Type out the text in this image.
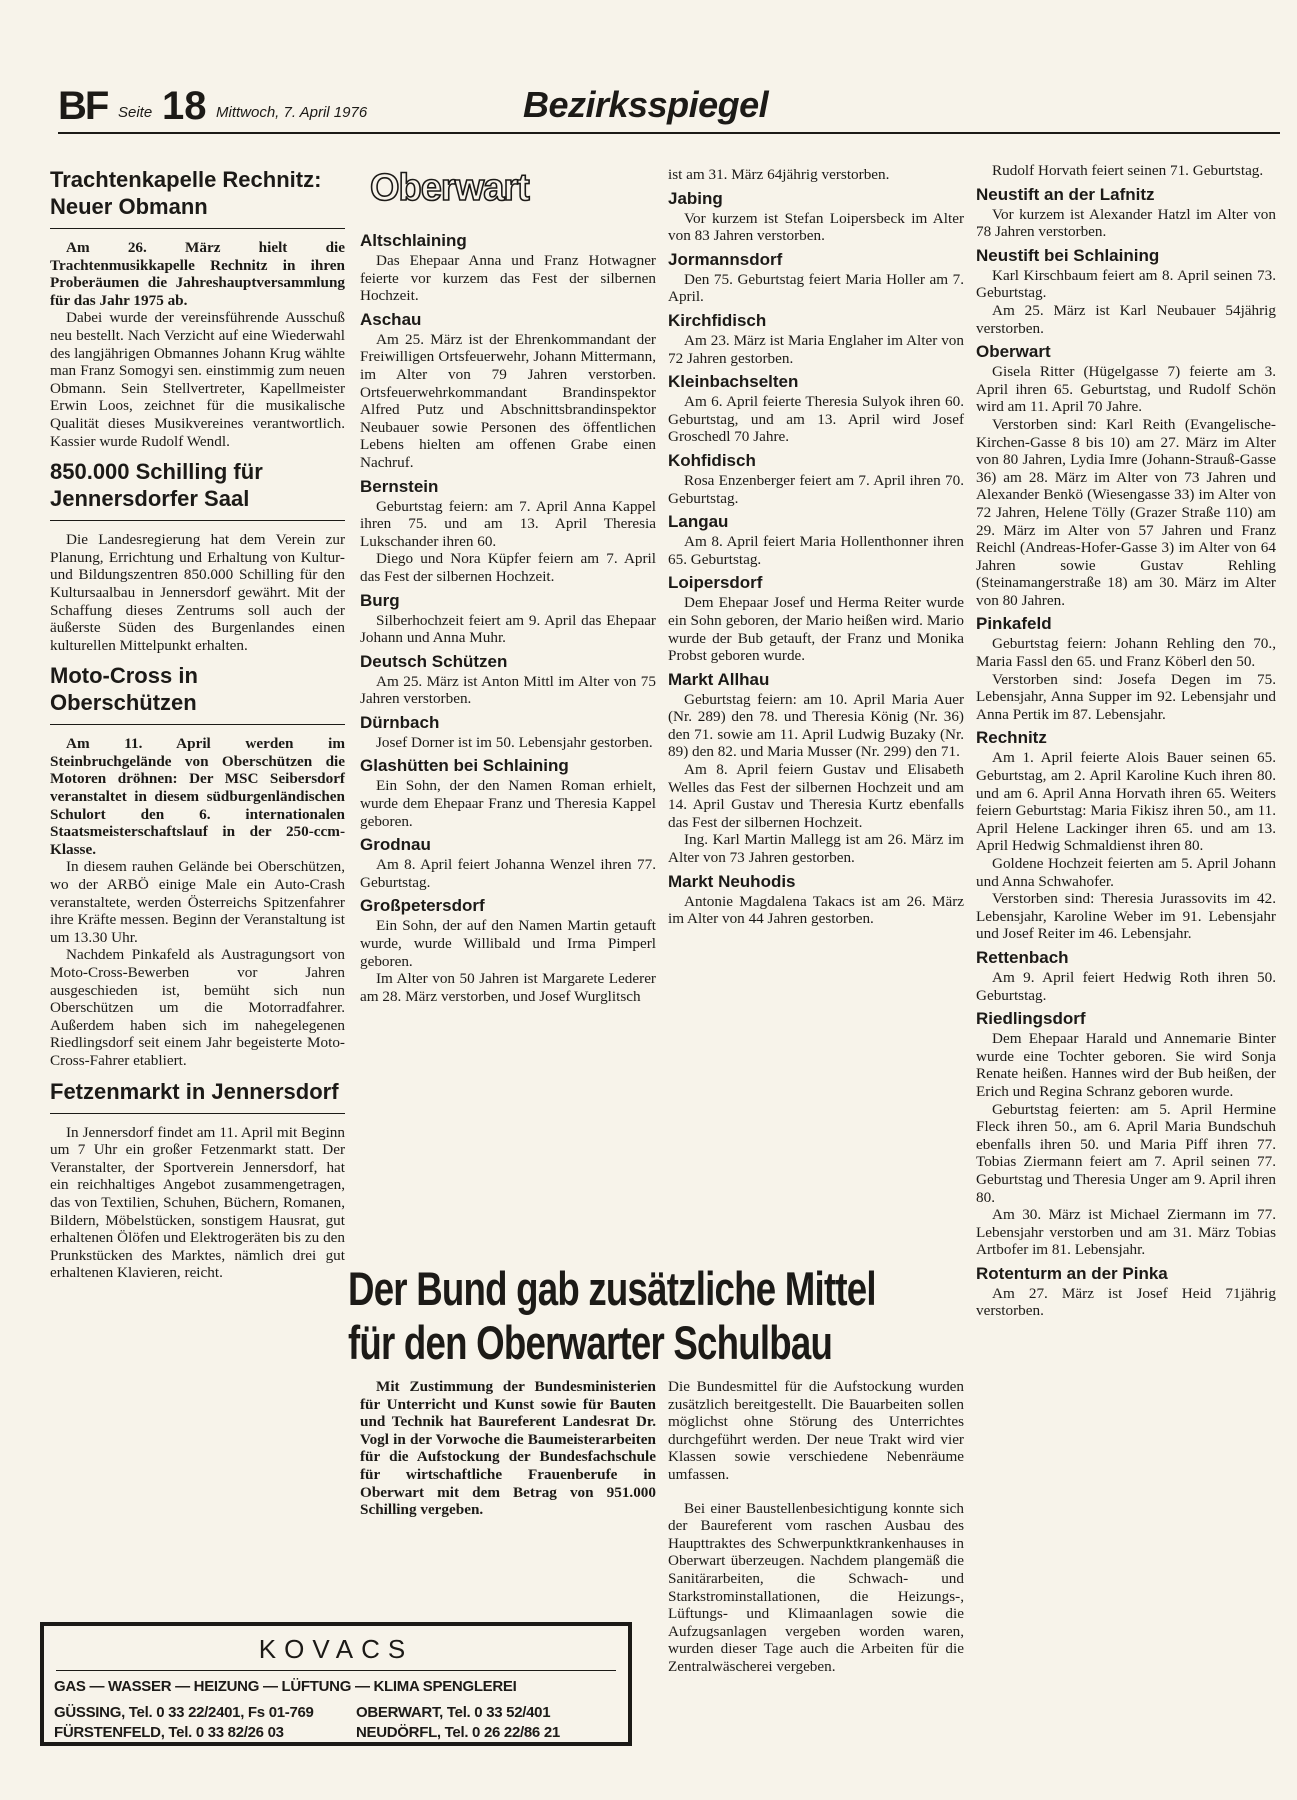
BF Seite 18 Mittwoch, 7. April 1976	Bezirksspiegel
Trachtenkapelle Rechnitz: Neuer Obmann

Am 26. März hielt die Trachtenmusikkapelle Rechnitz in ihren Proberäumen die Jahreshauptversammlung für das Jahr 1975 ab.

Dabei wurde der vereinsführende Ausschuß neu bestellt. Nach Verzicht auf eine Wiederwahl des langjährigen Obmannes Johann Krug wählte man Franz Somogyi sen. einstimmig zum neuen Obmann. Sein Stellvertreter, Kapellmeister Erwin Loos, zeichnet für die musikalische Qualität dieses Musikvereines verantwortlich. Kassier wurde Rudolf Wendl.

850.000 Schilling für Jennersdorfer Saal

Die Landesregierung hat dem Verein zur Planung, Errichtung und Erhaltung von Kultur- und Bildungszentren 850.000 Schilling für den Kultursaalbau in Jennersdorf gewährt. Mit der Schaffung dieses Zentrums soll auch der äußerste Süden des Burgenlandes einen kulturellen Mittelpunkt erhalten.

Moto-Cross in Oberschützen

Am 11. April werden im Steinbruchgelände von Oberschützen die Motoren dröhnen: Der MSC Seibersdorf veranstaltet in diesem südburgenländischen Schulort den 6. internationalen Staatsmeisterschaftslauf in der 250-ccm-Klasse.

In diesem rauhen Gelände bei Oberschützen, wo der ARBÖ einige Male ein Auto-Crash veranstaltete, werden Österreichs Spitzenfahrer ihre Kräfte messen. Beginn der Veranstaltung ist um 13.30 Uhr.

Nachdem Pinkafeld als Austragungsort von Moto-Cross-Bewerben vor Jahren ausgeschieden ist, bemüht sich nun Oberschützen um die Motorradfahrer. Außerdem haben sich im nahegelegenen Riedlingsdorf seit einem Jahr begeisterte Moto-Cross-Fahrer etabliert.

Fetzenmarkt in Jennersdorf

In Jennersdorf findet am 11. April mit Beginn um 7 Uhr ein großer Fetzenmarkt statt. Der Veranstalter, der Sportverein Jennersdorf, hat ein reichhaltiges Angebot zusammengetragen, das von Textilien, Schuhen, Büchern, Romanen, Bildern, Möbelstücken, sonstigem Hausrat, gut erhaltenen Ölöfen und Elektrogeräten bis zu den Prunkstücken des Marktes, nämlich drei gut erhaltenen Klavieren, reicht.

Oberwart
Altschlaining

Das Ehepaar Anna und Franz Hotwagner feierte vor kurzem das Fest der silbernen Hochzeit.

Aschau

Am 25. März ist der Ehrenkommandant der Freiwilligen Ortsfeuerwehr, Johann Mittermann, im Alter von 79 Jahren verstorben. Ortsfeuerwehrkommandant Brandinspektor Alfred Putz und Abschnittsbrandinspektor Neubauer sowie Personen des öffentlichen Lebens hielten am offenen Grabe einen Nachruf.

Bernstein

Geburtstag feiern: am 7. April Anna Kappel ihren 75. und am 13. April Theresia Lukschander ihren 60.

Diego und Nora Küpfer feiern am 7. April das Fest der silbernen Hochzeit.

Burg

Silberhochzeit feiert am 9. April das Ehepaar Johann und Anna Muhr.

Deutsch Schützen

Am 25. März ist Anton Mittl im Alter von 75 Jahren verstorben.

Dürnbach

Josef Dorner ist im 50. Lebensjahr gestorben.

Glashütten bei Schlaining

Ein Sohn, der den Namen Roman erhielt, wurde dem Ehepaar Franz und Theresia Kappel geboren.

Grodnau

Am 8. April feiert Johanna Wenzel ihren 77. Geburtstag.

Großpetersdorf

Ein Sohn, der auf den Namen Martin getauft wurde, wurde Willibald und Irma Pimperl geboren.

Im Alter von 50 Jahren ist Margarete Lederer am 28. März verstorben, und Josef Wurglitsch

ist am 31. März 64jährig verstorben.

Jabing

Vor kurzem ist Stefan Loipersbeck im Alter von 83 Jahren verstorben.

Jormannsdorf

Den 75. Geburtstag feiert Maria Holler am 7. April.

Kirchfidisch

Am 23. März ist Maria Englaher im Alter von 72 Jahren gestorben.

Kleinbachselten

Am 6. April feierte Theresia Sulyok ihren 60. Geburtstag, und am 13. April wird Josef Groschedl 70 Jahre.

Kohfidisch

Rosa Enzenberger feiert am 7. April ihren 70. Geburtstag.

Langau

Am 8. April feiert Maria Hollenthonner ihren 65. Geburtstag.

Loipersdorf

Dem Ehepaar Josef und Herma Reiter wurde ein Sohn geboren, der Mario heißen wird. Mario wurde der Bub getauft, der Franz und Monika Probst geboren wurde.

Markt Allhau

Geburtstag feiern: am 10. April Maria Auer (Nr. 289) den 78. und Theresia König (Nr. 36) den 71. sowie am 11. April Ludwig Buzaky (Nr. 89) den 82. und Maria Musser (Nr. 299) den 71.

Am 8. April feiern Gustav und Elisabeth Welles das Fest der silbernen Hochzeit und am 14. April Gustav und Theresia Kurtz ebenfalls das Fest der silbernen Hochzeit.

Ing. Karl Martin Mallegg ist am 26. März im Alter von 73 Jahren gestorben.

Markt Neuhodis

Antonie Magdalena Takacs ist am 26. März im Alter von 44 Jahren gestorben.

Rudolf Horvath feiert seinen 71. Geburtstag.

Neustift an der Lafnitz

Vor kurzem ist Alexander Hatzl im Alter von 78 Jahren verstorben.

Neustift bei Schlaining

Karl Kirschbaum feiert am 8. April seinen 73. Geburtstag.

Am 25. März ist Karl Neubauer 54jährig verstorben.

Oberwart

Gisela Ritter (Hügelgasse 7) feierte am 3. April ihren 65. Geburtstag, und Rudolf Schön wird am 11. April 70 Jahre.

Verstorben sind: Karl Reith (Evangelische-Kirchen-Gasse 8 bis 10) am 27. März im Alter von 80 Jahren, Lydia Imre (Johann-Strauß-Gasse 36) am 28. März im Alter von 73 Jahren und Alexander Benkö (Wiesengasse 33) im Alter von 72 Jahren, Helene Tölly (Grazer Straße 110) am 29. März im Alter von 57 Jahren und Franz Reichl (Andreas-Hofer-Gasse 3) im Alter von 64 Jahren sowie Gustav Rehling (Steinamangerstraße 18) am 30. März im Alter von 80 Jahren.

Pinkafeld

Geburtstag feiern: Johann Rehling den 70., Maria Fassl den 65. und Franz Köberl den 50.

Verstorben sind: Josefa Degen im 75. Lebensjahr, Anna Supper im 92. Lebensjahr und Anna Pertik im 87. Lebensjahr.

Rechnitz

Am 1. April feierte Alois Bauer seinen 65. Geburtstag, am 2. April Karoline Kuch ihren 80. und am 6. April Anna Horvath ihren 65. Weiters feiern Geburtstag: Maria Fikisz ihren 50., am 11. April Helene Lackinger ihren 65. und am 13. April Hedwig Schmaldienst ihren 80.

Goldene Hochzeit feierten am 5. April Johann und Anna Schwahofer.

Verstorben sind: Theresia Jurassovits im 42. Lebensjahr, Karoline Weber im 91. Lebensjahr und Josef Reiter im 46. Lebensjahr.

Rettenbach

Am 9. April feiert Hedwig Roth ihren 50. Geburtstag.

Riedlingsdorf

Dem Ehepaar Harald und Annemarie Binter wurde eine Tochter geboren. Sie wird Sonja Renate heißen. Hannes wird der Bub heißen, der Erich und Regina Schranz geboren wurde.

Geburtstag feierten: am 5. April Hermine Fleck ihren 50., am 6. April Maria Bundschuh ebenfalls ihren 50. und Maria Piff ihren 77. Tobias Ziermann feiert am 7. April seinen 77. Geburtstag und Theresia Unger am 9. April ihren 80.

Am 30. März ist Michael Ziermann im 77. Lebensjahr verstorben und am 31. März Tobias Artbofer im 81. Lebensjahr.

Rotenturm an der Pinka

Am 27. März ist Josef Heid 71jährig verstorben.

Der Bund gab zusätzliche Mittel
für den Oberwarter Schulbau

Mit Zustimmung der Bundesministerien für Unterricht und Kunst sowie für Bauten und Technik hat Baureferent Landesrat Dr. Vogl in der Vorwoche die Baumeisterarbeiten für die Aufstockung der Bundesfachschule für wirtschaftliche Frauenberufe in Oberwart mit dem Betrag von 951.000 Schilling vergeben.

Die Bundesmittel für die Aufstockung wurden zusätzlich bereitgestellt. Die Bauarbeiten sollen möglichst ohne Störung des Unterrichtes durchgeführt werden. Der neue Trakt wird vier Klassen sowie verschiedene Nebenräume umfassen.

Bei einer Baustellenbesichtigung konnte sich der Baureferent vom raschen Ausbau des Haupttraktes des Schwerpunktkrankenhauses in Oberwart überzeugen. Nachdem plangemäß die Sanitärarbeiten, die Schwach- und Starkstrominstallationen, die Heizungs-, Lüftungs- und Klimaanlagen sowie die Aufzugsanlagen vergeben worden waren, wurden dieser Tage auch die Arbeiten für die Zentralwäscherei vergeben.

KOVACS
GAS — WASSER — HEIZUNG — LÜFTUNG — KLIMA SPENGLEREI
GÜSSING, Tel. 0 33 22/2401, Fs 01-769	OBERWART, Tel. 0 33 52/401
FÜRSTENFELD, Tel. 0 33 82/26 03	NEUDÖRFL, Tel. 0 26 22/86 21
